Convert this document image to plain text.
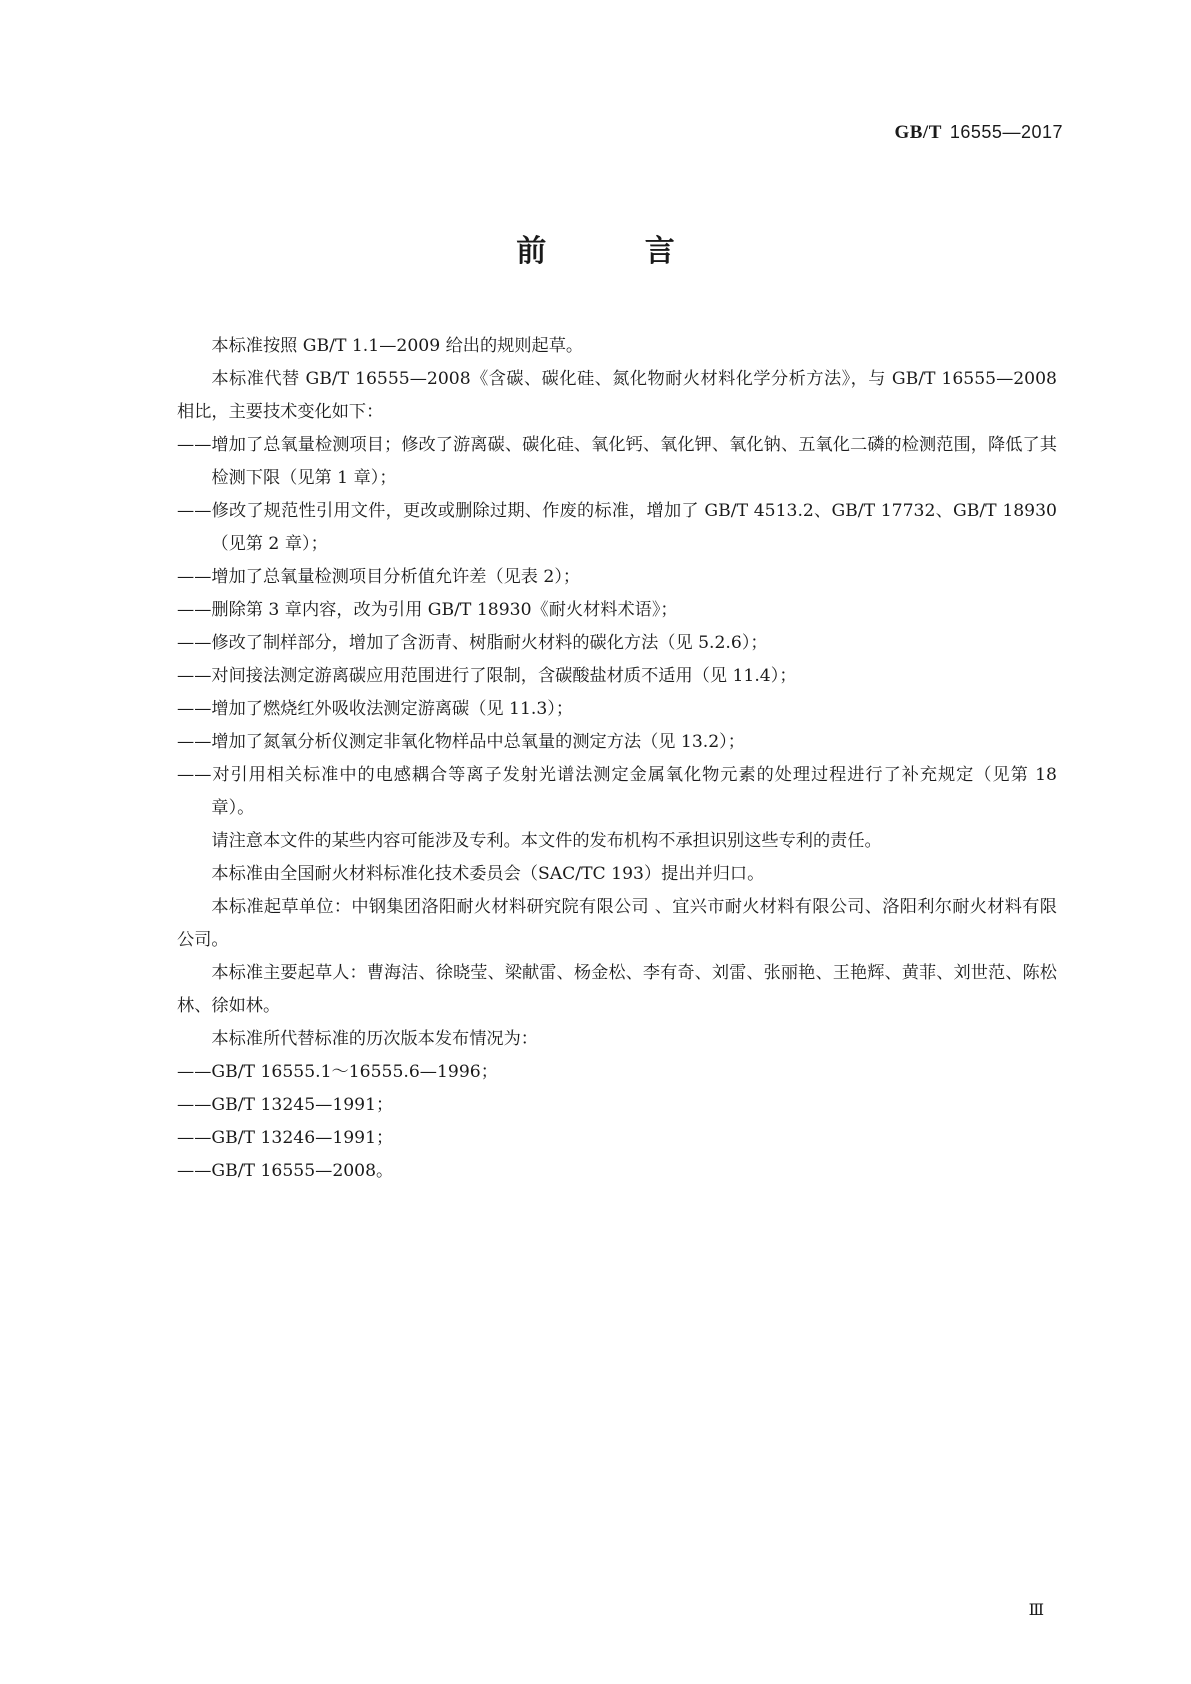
GB/T 16555—2017
前 言

本标准按照 GB/T 1.1—2009 给出的规则起草。

本标准代替 GB/T 16555—2008《含碳、碳化硅、氮化物耐火材料化学分析方法》，与 GB/T 16555—2008 相比，主要技术变化如下：

——增加了总氧量检测项目；修改了游离碳、碳化硅、氧化钙、氧化钾、氧化钠、五氧化二磷的检测范围，降低了其检测下限（见第 1 章）；

——修改了规范性引用文件，更改或删除过期、作废的标准，增加了 GB/T 4513.2、GB/T 17732、GB/T 18930（见第 2 章）；

——增加了总氧量检测项目分析值允许差（见表 2）；

——删除第 3 章内容，改为引用 GB/T 18930《耐火材料术语》；

——修改了制样部分，增加了含沥青、树脂耐火材料的碳化方法（见 5.2.6）；

——对间接法测定游离碳应用范围进行了限制，含碳酸盐材质不适用（见 11.4）；

——增加了燃烧红外吸收法测定游离碳（见 11.3）；

——增加了氮氧分析仪测定非氧化物样品中总氧量的测定方法（见 13.2）；

——对引用相关标准中的电感耦合等离子发射光谱法测定金属氧化物元素的处理过程进行了补充规定（见第 18 章）。

请注意本文件的某些内容可能涉及专利。本文件的发布机构不承担识别这些专利的责任。

本标准由全国耐火材料标准化技术委员会（SAC/TC 193）提出并归口。

本标准起草单位：中钢集团洛阳耐火材料研究院有限公司 、宜兴市耐火材料有限公司、洛阳利尔耐火材料有限公司。

本标准主要起草人：曹海洁、徐晓莹、梁献雷、杨金松、李有奇、刘雷、张丽艳、王艳辉、黄菲、刘世范、陈松林、徐如林。

本标准所代替标准的历次版本发布情况为：

——GB/T 16555.1～16555.6—1996；

——GB/T 13245—1991；

——GB/T 13246—1991；

——GB/T 16555—2008。

Ⅲ
